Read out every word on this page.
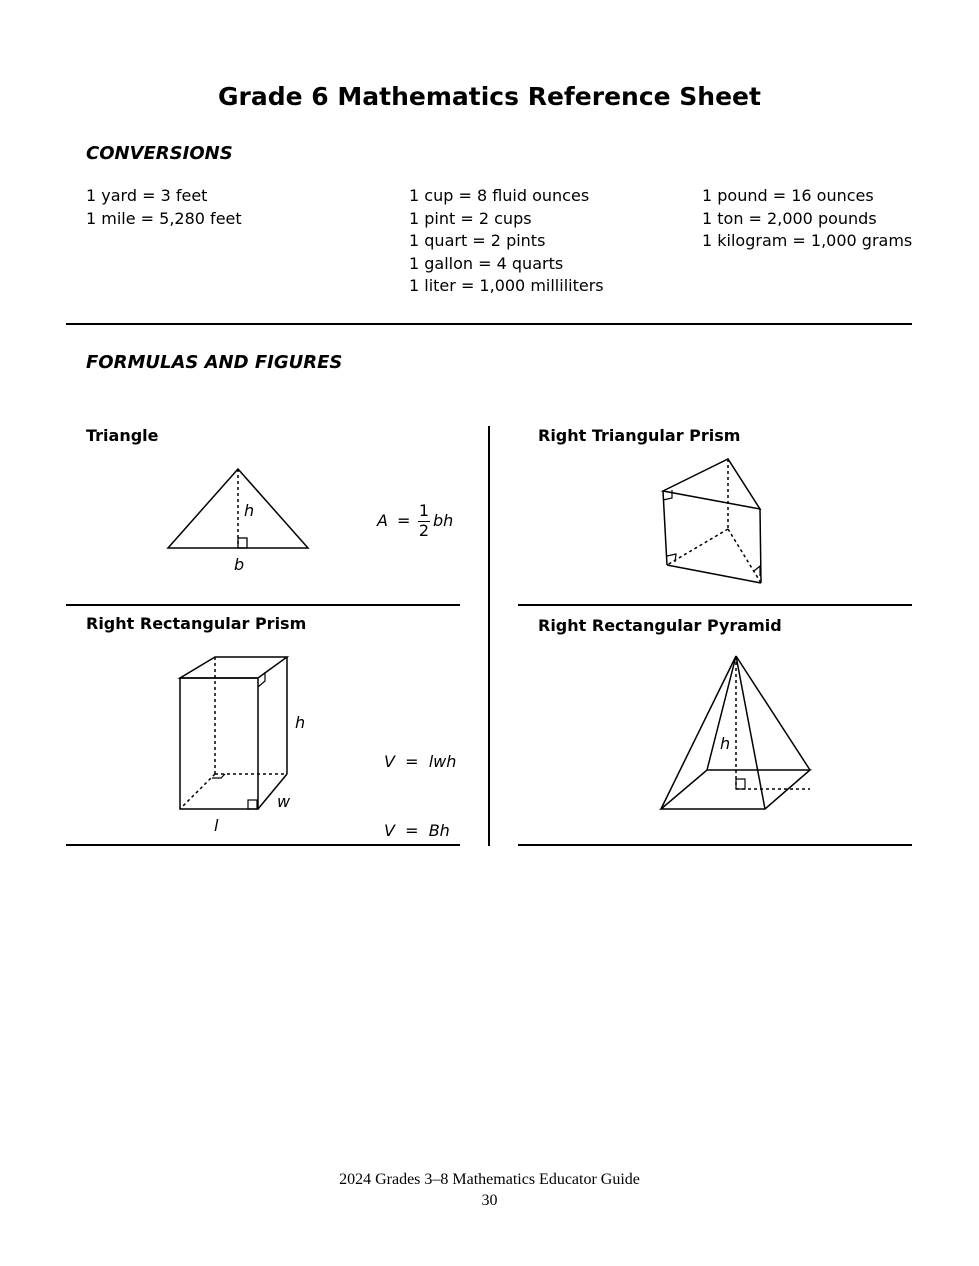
Grade 6 Mathematics Reference Sheet
CONVERSIONS
1 yard = 3 feet
1 mile = 5,280 feet
1 cup = 8 fluid ounces
1 pint = 2 cups
1 quart = 2 pints
1 gallon = 4 quarts
1 liter = 1,000 milliliters
1 pound = 16 ounces
1 ton = 2,000 pounds
1 kilogram = 1,000 grams
FORMULAS AND FIGURES
Triangle
h
b
A =
1
2
bh
Right Triangular Prism
Right Rectangular Prism
h
w
l

V  =  lwh

V  =  Bh

Right Rectangular Pyramid
h
2024 Grades 3–8 Mathematics Educator Guide
30
